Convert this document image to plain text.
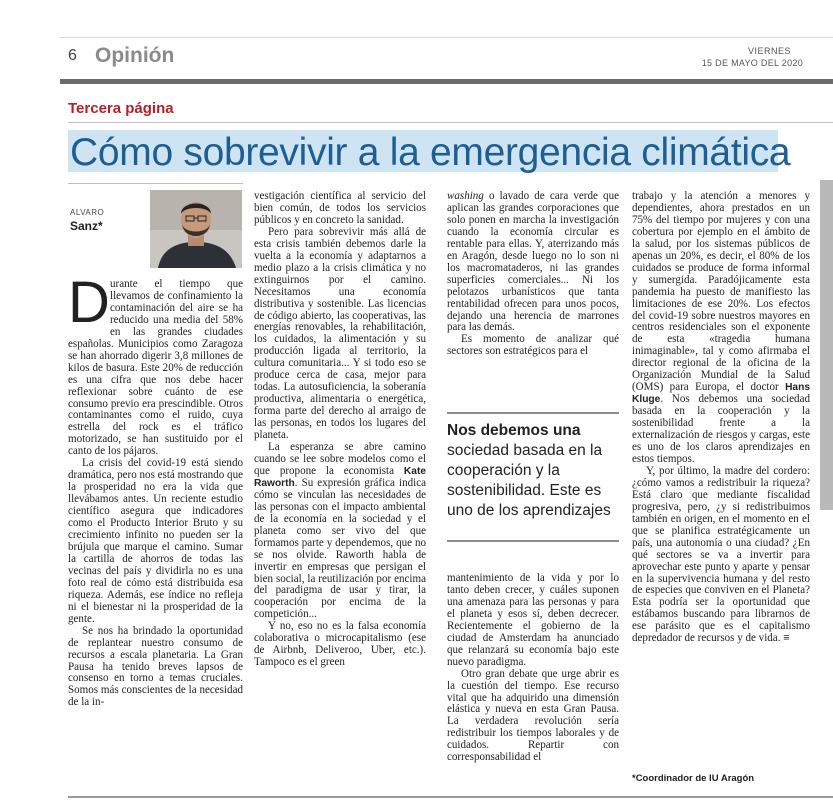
6 Opinión	VIERNES
15 DE MAYO DEL 2020
Tercera página
Cómo sobrevivir a la emergencia climática
ALVARO
Sanz*

Durante el tiempo que llevamos de confinamiento la contaminación del aire se ha reducido una media del 58% en las grandes ciudades españolas. Municipios como Zaragoza se han ahorrado digerir 3,8 millones de kilos de basura. Este 20% de reducción es una cifra que nos debe hacer reflexionar sobre cuánto de ese consumo previo era prescindible. Otros contaminantes como el ruido, cuya estrella del rock es el tráfico motorizado, se han sustituido por el canto de los pájaros.

La crisis del covid-19 está siendo dramática, pero nos está mostrando que la prosperidad no era la vida que llevábamos antes. Un reciente estudio científico asegura que indicadores como el Producto Interior Bruto y su crecimiento infinito no pueden ser la brújula que marque el camino. Sumar la cartilla de ahorros de todas las vecinas del país y dividirla no es una foto real de cómo está distribuida esa riqueza. Además, ese índice no refleja ni el bienestar ni la prosperidad de la gente.

Se nos ha brindado la oportunidad de replantear nuestro consumo de recursos a escala planetaria. La Gran Pausa ha tenido breves lapsos de consenso en torno a temas cruciales. Somos más conscientes de la necesidad de la in-

vestigación científica al servicio del bien común, de todos los servicios públicos y en concreto la sanidad.

Pero para sobrevivir más allá de esta crisis también debemos darle la vuelta a la economía y adaptarnos a medio plazo a la crisis climática y no extinguirnos por el camino. Necesitamos una economía distributiva y sostenible. Las licencias de código abierto, las cooperativas, las energías renovables, la rehabilitación, los cuidados, la alimentación y su producción ligada al territorio, la cultura comunitaria... Y si todo eso se produce cerca de casa, mejor para todas. La autosuficiencia, la soberanía productiva, alimentaria o energética, forma parte del derecho al arraigo de las personas, en todos los lugares del planeta.

La esperanza se abre camino cuando se lee sobre modelos como el que propone la economista Kate Raworth. Su expresión gráfica indica cómo se vinculan las necesidades de las personas con el impacto ambiental de la economía en la sociedad y el planeta como ser vivo del que formamos parte y dependemos, que no se nos olvide. Raworth habla de invertir en empresas que persigan el bien social, la reutilización por encima del paradigma de usar y tirar, la cooperación por encima de la competición...

Y no, eso no es la falsa economía colaborativa o microcapitalismo (ese de Airbnb, Deliveroo, Uber, etc.). Tampoco es el green

washing o lavado de cara verde que aplican las grandes corporaciones que solo ponen en marcha la investigación cuando la economía circular es rentable para ellas. Y, aterrizando más en Aragón, desde luego no lo son ni los macromataderos, ni las grandes superficies comerciales... Ni los pelotazos urbanísticos que tanta rentabilidad ofrecen para unos pocos, dejando una herencia de marrones para las demás.

Es momento de analizar qué sectores son estratégicos para el

Nos debemos una sociedad basada en la cooperación y la sostenibilidad. Este es uno de los aprendizajes

mantenimiento de la vida y por lo tanto deben crecer, y cuáles suponen una amenaza para las personas y para el planeta y esos sí, deben decrecer. Recientemente el gobierno de la ciudad de Amsterdam ha anunciado que relanzará su economía bajo este nuevo paradigma.

Otro gran debate que urge abrir es la cuestión del tiempo. Ese recurso vital que ha adquirido una dimensión elástica y nueva en esta Gran Pausa. La verdadera revolución sería redistribuir los tiempos laborales y de cuidados. Repartir con corresponsabilidad el

trabajo y la atención a menores y dependientes, ahora prestados en un 75% del tiempo por mujeres y con una cobertura por ejemplo en el ámbito de la salud, por los sistemas públicos de apenas un 20%, es decir, el 80% de los cuidados se produce de forma informal y sumergida. Paradójicamente esta pandemia ha puesto de manifiesto las limitaciones de ese 20%. Los efectos del covid-19 sobre nuestros mayores en centros residenciales son el exponente de esta «tragedia humana inimaginable», tal y como afirmaba el director regional de la oficina de la Organización Mundial de la Salud (OMS) para Europa, el doctor Hans Kluge. Nos debemos una sociedad basada en la cooperación y la sostenibilidad frente a la externalización de riesgos y cargas, este es uno de los claros aprendizajes en estos tiempos.

Y, por último, la madre del cordero: ¿cómo vamos a redistribuir la riqueza? Está claro que mediante fiscalidad progresiva, pero, ¿y si redistribuimos también en origen, en el momento en el que se planifica estratégicamente un país, una autonomía o una ciudad? ¿En qué sectores se va a invertir para aprovechar este punto y aparte y pensar en la supervivencia humana y del resto de especies que conviven en el Planeta? Esta podría ser la oportunidad que estábamos buscando para librarnos de ese parásito que es el capitalismo depredador de recursos y de vida. ≡

*Coordinador de IU Aragón
